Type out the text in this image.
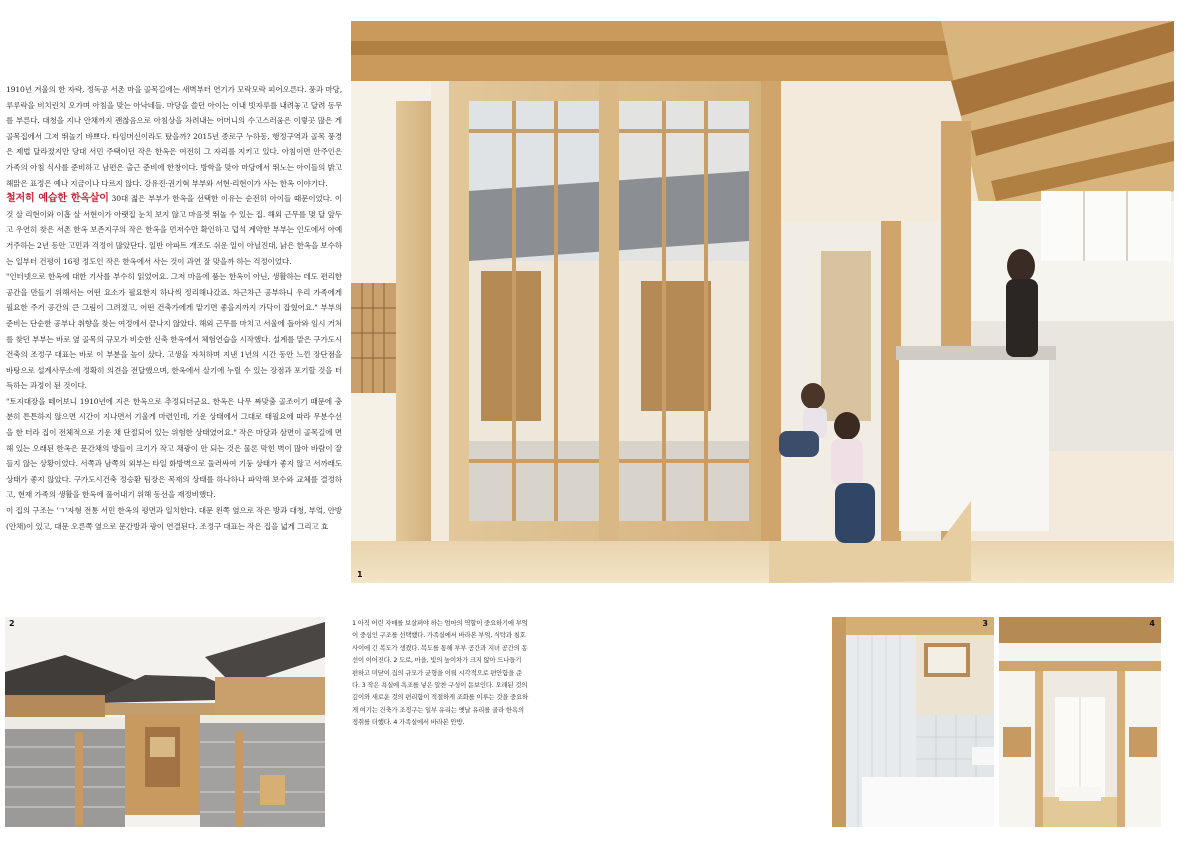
1910년 겨울의 한 자락, 정독공 서촌 마을 골목길에는 새벽부터 연기가 모락모락 피어오른다. 풍과 마당, 루루락을 비치린치 오가며 아침을 맞는 아낙네들. 마당을 쓸던 아이는 이내 빗자루를 내려놓고 달려 동무를 부른다. 대청을 지나 안채까지 괜찮음으로 아침상을 차려내는 어머니의 수고스러움은 이렇곳 많은 게 골목집에서 그저 뛰놀기 바쁘다. 타임머신이라도 탔을까? 2015년 종로구 누하동, 행정구역과 골목 풍경은 제법 달라졌지만 당대 서민 주택이던 작은 한옥은 여전히 그 자리를 지키고 있다. 아침이면 안주인은 가족의 아침 식사를 준비하고 남편은 출근 준비에 한창이다. 방학을 맞아 마당에서 뛰노는 아이들의 밝고 해맑은 표정은 예나 지금이나 다르지 않다. 강유진·권기혁 부부와 서현·리현이가 사는 한옥 이야기다.

철저히 예습한 한옥살이 30대 젊은 부부가 한옥을 선택한 이유는 순전히 아이들 때문이었다. 이 것 살 리현이와 이홉 살 서현이가 아랫집 눈치 보지 않고 마음껏 뛰놀 수 있는 집. 해외 근무를 몇 달 앞두고 우연히 찾은 서촌 한옥 보존지구의 작은 한옥을 먼저수만 확인하고 덥석 계약한 부부는 인도에서 아예 거주하는 2년 동안 고민과 걱정이 많았단다. 일반 아파트 개조도 쉬운 일이 아닐진대, 낡은 한옥을 보수하는 일부터 건평이 16평 정도인 작은 한옥에서 사는 것이 과연 잘 맞을까 하는 걱정이었다.

"인터넷으로 한옥에 대한 기사를 부수히 읽었어요. 그저 마음에 품는 한옥이 아닌, 생활하는 데도 편리한 공간을 만들기 위해서는 어떤 요소가 필요한지 하나씩 정리해나갔죠. 차근차근 공부하니 우리 가족에게 필요한 주거 공간의 큰 그림이 그려졌고, 어떤 건축가에게 맡기면 좋을지까지 가닥이 잡혔어요." 부부의 준비는 단순한 공부나 취향을 찾는 여정에서 끝나지 않았다. 해외 근무를 마치고 서울에 돌아와 임시 거처를 찾던 부부는 바로 옆 골목의 규모가 비슷한 신축 한옥에서 체험연습을 시작했다. 설계를 맡은 구가도시건축의 조정구 대표는 바로 이 부분을 높이 샀다. 고생을 자처하며 지낸 1년의 시간 동안 느낀 장단점을 바탕으로 설계사무소에 정확히 의견을 전달했으며, 한옥에서 살기에 누릴 수 있는 장점과 포기할 것을 터득하는 과정이 된 것이다.

"토지대장을 떼어보니 1910년에 지은 한옥으로 추정되더군요. 한옥은 나무 짜맞춤 골조이기 때문에 충분히 튼튼하지 않으면 시간이 지나면서 기울게 마련인데, 기운 상태에서 그대로 태필요에 따라 무분수선을 한 터라 집이 전체적으로 기운 채 단절되어 있는 위험한 상태였어요." 작은 마당과 삼면이 골목길에 면해 있는 오래된 한옥은 문간채의 방들이 크기가 작고 채광이 안 되는 것은 물론 막힌 벽이 많아 바람이 잘 들지 않는 상황이었다. 서쪽과 남쪽의 외부는 타일 화방벽으로 둘러싸여 기둥 상태가 좋지 않고 서까래도 상태가 좋지 않았다. 구가도시건축 정승환 팀장은 목재의 상태를 하나하나 파악해 보수와 교체를 결정하고, 현재 가족의 생활을 한옥에 풀어내기 위해 동선을 재정비했다.

이 집의 구조는 'ㄱ'자형 전통 서민 한옥의 평면과 일치한다. 대문 왼쪽 옆으로 작은 방과 대청, 부엌, 안방 (안채)이 있고, 대문 오른쪽 옆으로 문간방과 광이 연결된다. 조정구 대표는 작은 집을 넓게 그리고 효

1
2	1 아직 어린 자매를 보살펴야 하는 엄마의 역할이 중요하기에 부엌이 중심인 구조를 선택했다. 가족실에서 바라본 부엌, 식탁과 침호 사이에 긴 복도가 생겼다. 복도를 통해 부부 공간과 지녀 공간의 동선이 이어진다. 2 도로, 마을, 빛의 높이차가 크지 않아 드나들기 편하고 미닫이 집의 규모가 균형을 이뤄 시각적으로 편안함을 준다. 3 작은 욕실에 욕조를 넣은 알찬 구성이 돋보인다. 오래된 것의 깊이와 새로운 것의 편리함이 적절하게 조화를 이루는 것을 중요하게 여기는 건축가 조정구는 일부 유리는 옛날 유리를 골라 한옥의 정취를 더했다. 4 가족실에서 바라본 안방.
3	4
